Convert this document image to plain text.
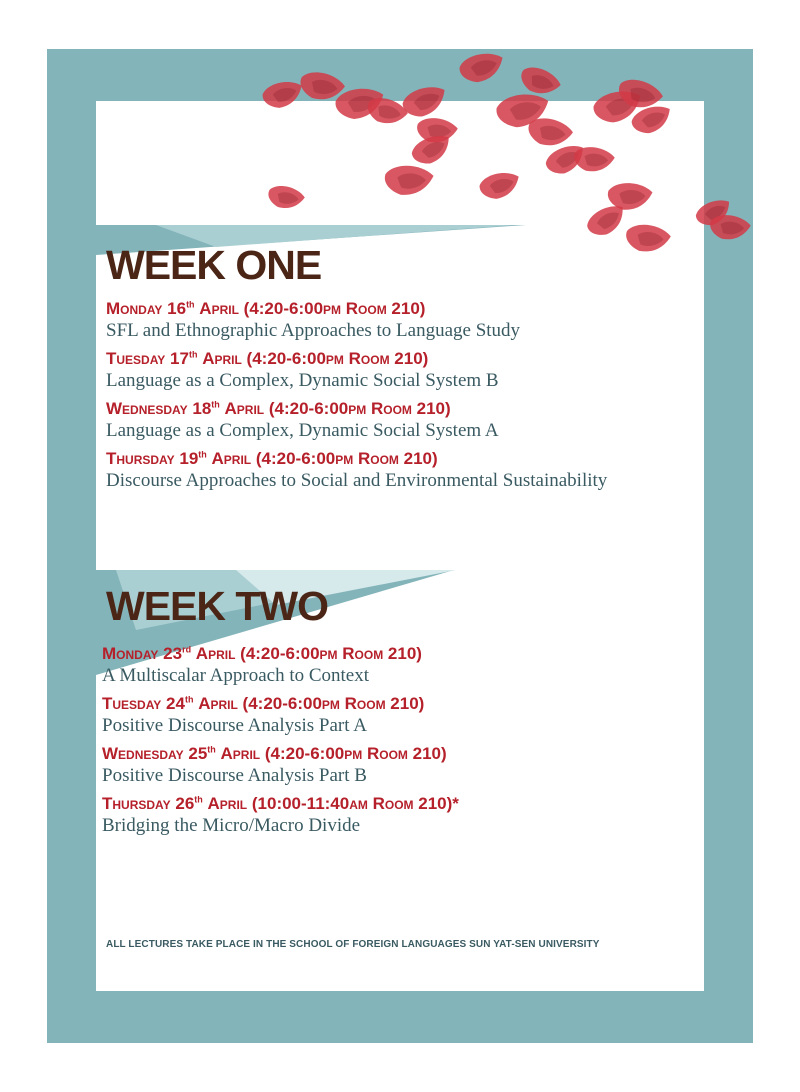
WEEK ONE
Monday 16th April (4:20-6:00pm Room 210)
SFL and Ethnographic Approaches to Language Study
Tuesday 17th April (4:20-6:00pm Room 210)
Language as a Complex, Dynamic Social System B
Wednesday 18th April (4:20-6:00pm Room 210)
Language as a Complex, Dynamic Social System A
Thursday 19th April (4:20-6:00pm Room 210)
Discourse Approaches to Social and Environmental Sustainability
WEEK TWO
Monday 23rd April (4:20-6:00pm Room 210)
A Multiscalar Approach to Context
Tuesday 24th April (4:20-6:00pm Room 210)
Positive Discourse Analysis Part A
Wednesday 25th April (4:20-6:00pm Room 210)
Positive Discourse Analysis Part B
Thursday 26th April (10:00-11:40am Room 210)*
Bridging the Micro/Macro Divide
ALL LECTURES TAKE PLACE IN THE SCHOOL OF FOREIGN LANGUAGES SUN YAT-SEN UNIVERSITY
